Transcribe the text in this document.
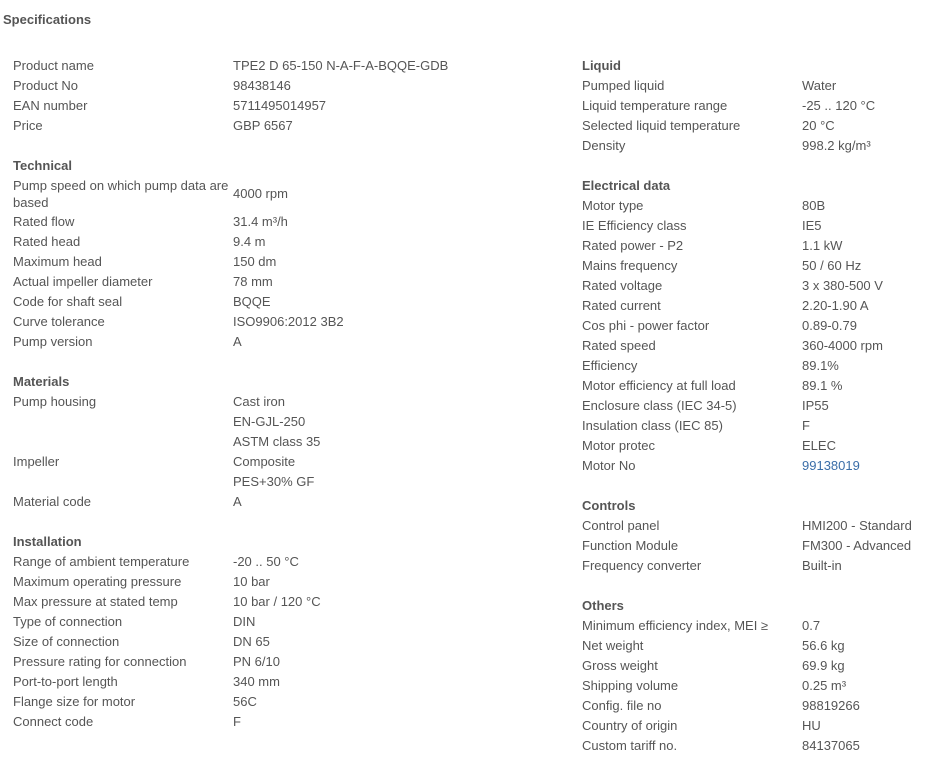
Specifications
Product name	TPE2 D 65-150 N-A-F-A-BQQE-GDB
Product No	98438146
EAN number	5711495014957
Price	GBP 6567
Technical
Pump speed on which pump data are based
4000 rpm
Rated flow	31.4 m³/h
Rated head	9.4 m
Maximum head	150 dm
Actual impeller diameter	78 mm
Code for shaft seal	BQQE
Curve tolerance	ISO9906:2012 3B2
Pump version	A
Materials
Pump housing	Cast iron
EN-GJL-250
ASTM class 35
Impeller	Composite
PES+30% GF
Material code	A
Installation
Range of ambient temperature	-20 .. 50 °C
Maximum operating pressure	10 bar
Max pressure at stated temp	10 bar / 120 °C
Type of connection	DIN
Size of connection	DN 65
Pressure rating for connection	PN 6/10
Port-to-port length	340 mm
Flange size for motor	56C
Connect code	F
Liquid
Pumped liquid	Water
Liquid temperature range	-25 .. 120 °C
Selected liquid temperature	20 °C
Density	998.2 kg/m³
Electrical data
Motor type	80B
IE Efficiency class	IE5
Rated power - P2	1.1 kW
Mains frequency	50 / 60 Hz
Rated voltage	3 x 380-500 V
Rated current	2.20-1.90 A
Cos phi - power factor	0.89-0.79
Rated speed	360-4000 rpm
Efficiency	89.1%
Motor efficiency at full load	89.1 %
Enclosure class (IEC 34-5)	IP55
Insulation class (IEC 85)	F
Motor protec	ELEC
Motor No	99138019
Controls
Control panel	HMI200 - Standard
Function Module	FM300 - Advanced
Frequency converter	Built-in
Others
Minimum efficiency index, MEI ≥	0.7
Net weight	56.6 kg
Gross weight	69.9 kg
Shipping volume	0.25 m³
Config. file no	98819266
Country of origin	HU
Custom tariff no.	84137065
